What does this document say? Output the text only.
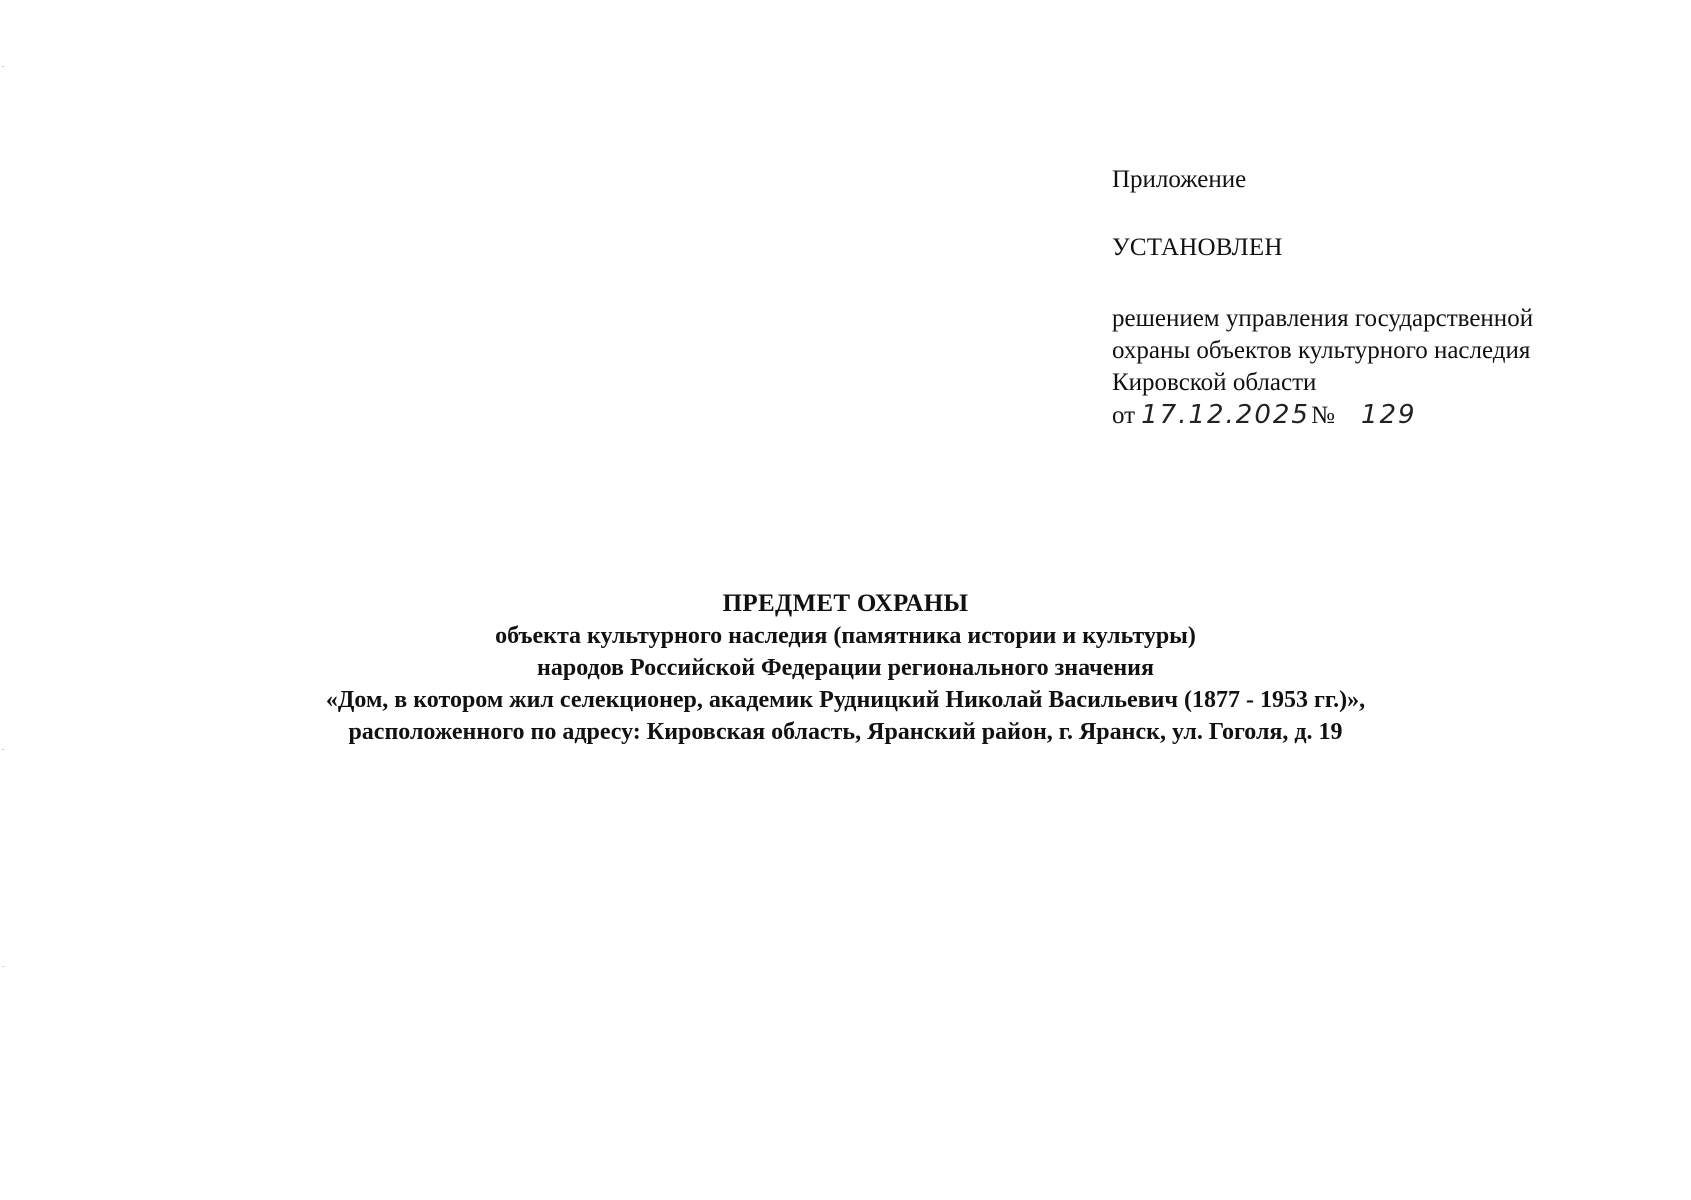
Приложение
УСТАНОВЛЕН
решением управления государственной
охраны объектов культурного наследия
Кировской области
от 17.12.2025 № 129
ПРЕДМЕТ ОХРАНЫ
объекта культурного наследия (памятника истории и культуры)
народов Российской Федерации регионального значения
«Дом, в котором жил селекционер, академик Рудницкий Николай Васильевич (1877 - 1953 гг.)»,
расположенного по адресу: Кировская область, Яранский район, г. Яранск, ул. Гоголя, д. 19
